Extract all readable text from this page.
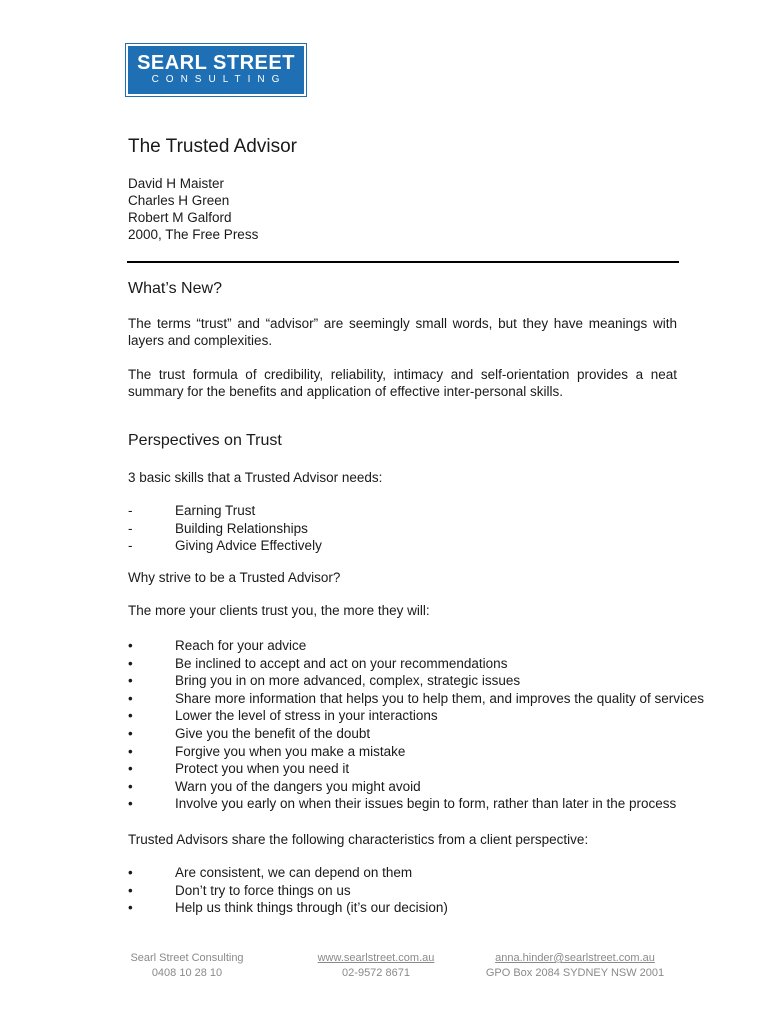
SEARL STREET
CONSULTING
The Trusted Advisor
David H Maister
Charles H Green
Robert M Galford
2000, The Free Press
What’s New?

The terms “trust” and “advisor” are seemingly small words, but they have meanings with layers and complexities.

The trust formula of credibility, reliability, intimacy and self-orientation provides a neat summary for the benefits and application of effective inter-personal skills.

Perspectives on Trust

3 basic skills that a Trusted Advisor needs:

-	Earning Trust
-	Building Relationships
-	Giving Advice Effectively

Why strive to be a Trusted Advisor?

The more your clients trust you, the more they will:

•	Reach for your advice
•	Be inclined to accept and act on your recommendations
•	Bring you in on more advanced, complex, strategic issues
•	Share more information that helps you to help them, and improves the quality of services
•	Lower the level of stress in your interactions
•	Give you the benefit of the doubt
•	Forgive you when you make a mistake
•	Protect you when you need it
•	Warn you of the dangers you might avoid
•	Involve you early on when their issues begin to form, rather than later in the process

Trusted Advisors share the following characteristics from a client perspective:

•	Are consistent, we can depend on them
•	Don’t try to force things on us
•	Help us think things through (it’s our decision)
Searl Street Consulting
0408 10 28 10
www.searlstreet.com.au
02-9572 8671
anna.hinder@searlstreet.com.au
GPO Box 2084 SYDNEY NSW 2001
